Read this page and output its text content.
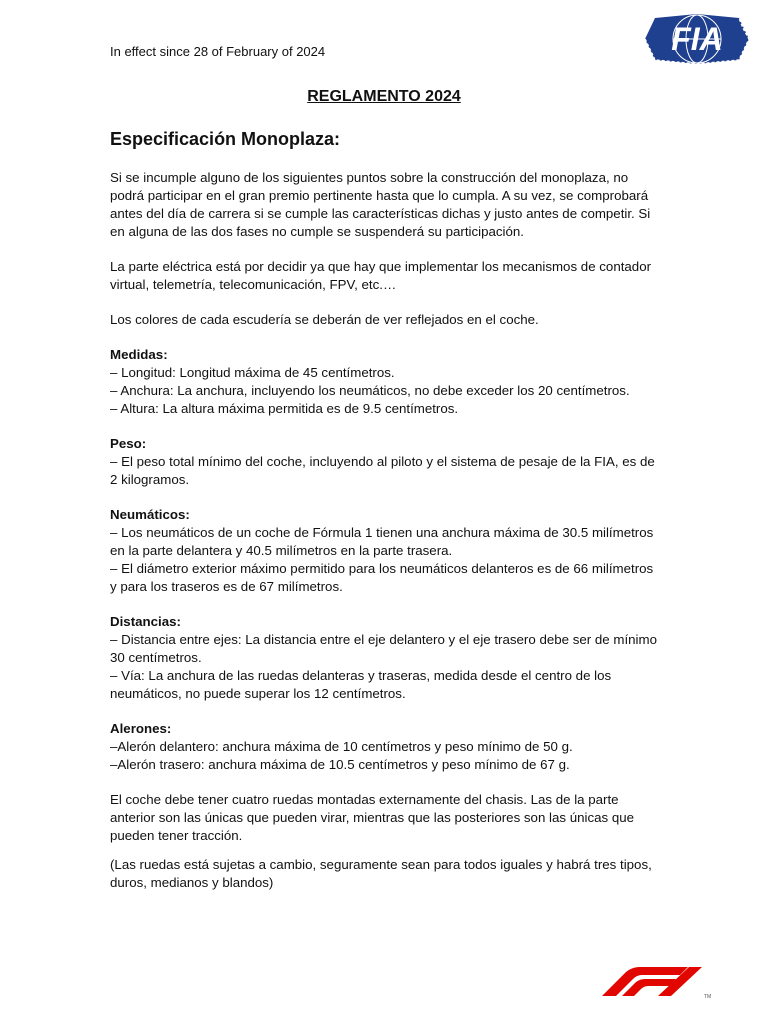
In effect since 28 of February of 2024	FIA
REGLAMENTO 2024
Especificación Monoplaza:

Si se incumple alguno de los siguientes puntos sobre la construcción del monoplaza, no podrá participar en el gran premio pertinente hasta que lo cumpla. A su vez, se comprobará antes del día de carrera si se cumple las características dichas y justo antes de competir. Si en alguna de las dos fases no cumple se suspenderá su participación.

La parte eléctrica está por decidir ya que hay que implementar los mecanismos de contador virtual, telemetría, telecomunicación, FPV, etc.…

Los colores de cada escudería se deberán de ver reflejados en el coche.

Medidas:
– Longitud: Longitud máxima de 45 centímetros.
– Anchura: La anchura, incluyendo los neumáticos, no debe exceder los 20 centímetros.
– Altura: La altura máxima permitida es de 9.5 centímetros.
Peso:
– El peso total mínimo del coche, incluyendo al piloto y el sistema de pesaje de la FIA, es de 2 kilogramos.
Neumáticos:
– Los neumáticos de un coche de Fórmula 1 tienen una anchura máxima de 30.5 milímetros en la parte delantera y 40.5 milímetros en la parte trasera.
– El diámetro exterior máximo permitido para los neumáticos delanteros es de 66 milímetros y para los traseros es de 67 milímetros.
Distancias:
– Distancia entre ejes: La distancia entre el eje delantero y el eje trasero debe ser de mínimo 30 centímetros.
– Vía: La anchura de las ruedas delanteras y traseras, medida desde el centro de los neumáticos, no puede superar los 12 centímetros.
Alerones:
–Alerón delantero: anchura máxima de 10 centímetros y peso mínimo de 50 g.
–Alerón trasero: anchura máxima de 10.5 centímetros y peso mínimo de 67 g.

El coche debe tener cuatro ruedas montadas externamente del chasis. Las de la parte anterior son las únicas que pueden virar, mientras que las posteriores son las únicas que pueden tener tracción.

(Las ruedas está sujetas a cambio, seguramente sean para todos iguales y habrá tres tipos, duros, medianos y blandos)

TM
